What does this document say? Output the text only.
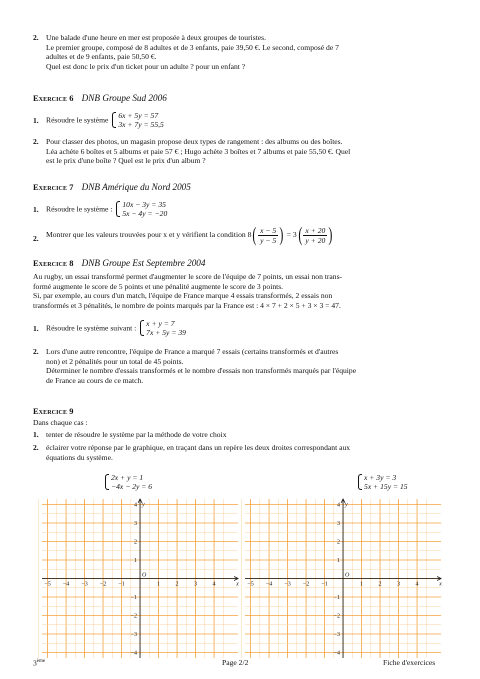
2. Une balade d'une heure en mer est proposée à deux groupes de touristes.
Le premier groupe, composé de 8 adultes et de 3 enfants, paie 39,50 €. Le second, composé de 7
adultes et de 9 enfants, paie 50,50 €.
Quel est donc le prix d'un ticket pour un adulte ? pour un enfant ?
Exercice 6 DNB Groupe Sud 2006
1. Résoudre le système 6x + 5y = 57
3x + 7y = 55,5
2. Pour classer des photos, un magasin propose deux types de rangement : des albums ou des boîtes.
Léa achète 6 boîtes et 5 albums et paie 57 € ; Hugo achète 3 boîtes et 7 albums et paie 55,50 €. Quel
est le prix d'une boîte ? Quel est le prix d'un album ?
Exercice 7 DNB Amérique du Nord 2005
1. Résoudre le système : 10x − 3y = 35
5x − 4y = −20
2. Montrer que les valeurs trouvées pour x et y vérifient la condition $8( \frac{x - 5}{y - 5}$ ) = $3( \frac{x + 20}{y + 20}$ )
Exercice 8 DNB Groupe Est Septembre 2004
Au rugby, un essai transformé permet d'augmenter le score de l'équipe de 7 points, un essai non trans-
formé augmente le score de 5 points et une pénalité augmente le score de 3 points.
Si, par exemple, au cours d'un match, l'équipe de France marque 4 essais transformés, 2 essais non
transformés et 3 pénalités, le nombre de points marqués par la France est : 4 × 7 + 2 × 5 + 3 × 3 = 47.
1. Résoudre le système suivant : x + y = 7
7x + 5y = 39
2. Lors d'une autre rencontre, l'équipe de France a marqué 7 essais (certains transformés et d'autres
non) et 2 pénalités pour un total de 45 points.
Déterminer le nombre d'essais transformés et le nombre d'essais non transformés marqués par l'équipe
de France au cours de ce match.
Exercice 9
Dans chaque cas :
1. tenter de résoudre le système par la méthode de votre choix
2. éclairer votre réponse par le graphique, en traçant dans un repère les deux droites correspondant aux
équations du système.
2x + y = 1
−4x − 2y = 6

x + 3y = 3
5x + 15y = 15
−5 −4 −3 −2 −1	1	2	3	4
3
2
1
−1
−2
−3
−4
4
O
x
y
−5 −4 −3 −2 −1	1	2	3	4
3
2
1
−1
−2
−3
−4
4
O
x
y
3ème	Page 2/2	Fiche d'exercices
